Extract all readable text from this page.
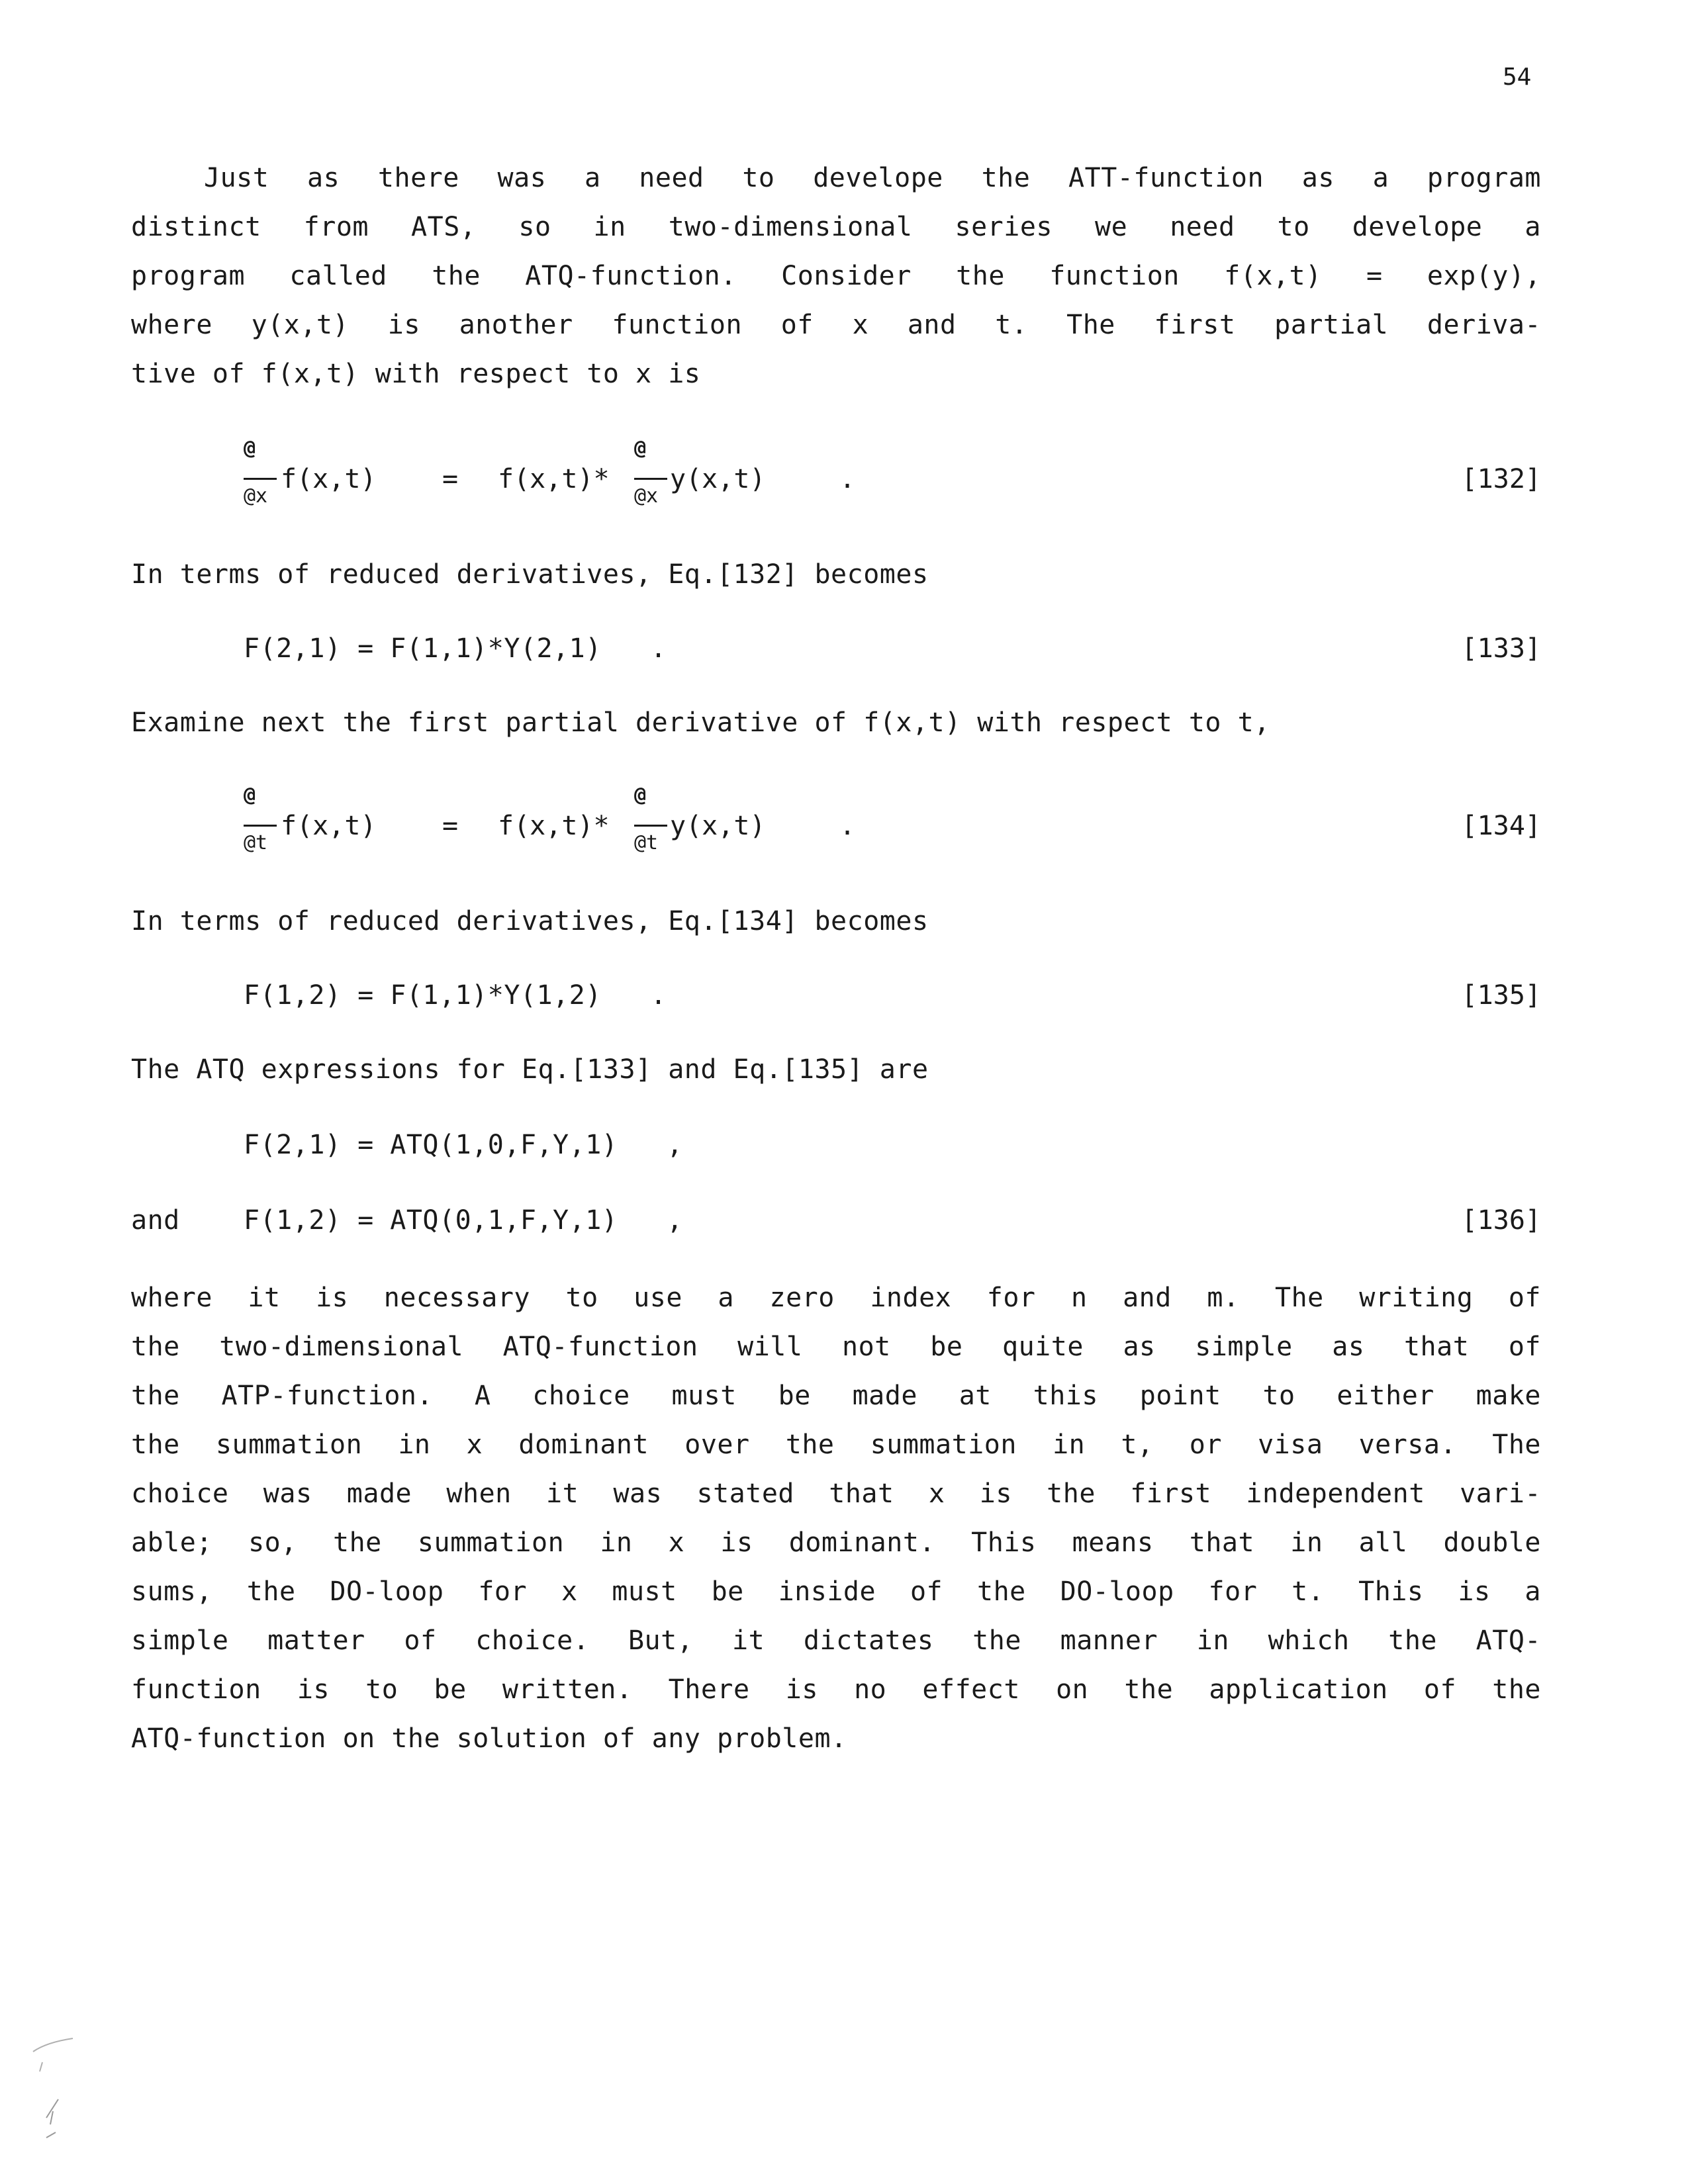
54
Just as there was a need to develope the ATT-function as a program
distinct from ATS, so in two-dimensional series we need to develope a
program called the ATQ-function. Consider the function f(x,t) = exp(y),
where y(x,t) is another function of x and t. The first partial deriva-
tive of f(x,t) with respect to x is
@
@x
f(x,t) = f(x,t)*
@
@x
y(x,t)	.	[132]
In terms of reduced derivatives, Eq.[132] becomes
F(2,1) = F(1,1)*Y(2,1)   .	[133]
Examine next the first partial derivative of f(x,t) with respect to t,
@
@t
f(x,t) = f(x,t)*
@
@t
y(x,t)	.	[134]
In terms of reduced derivatives, Eq.[134] becomes
F(1,2) = F(1,1)*Y(1,2)   .	[135]
The ATQ expressions for Eq.[133] and Eq.[135] are
F(2,1) = ATQ(1,0,F,Y,1)   ,
and F(1,2) = ATQ(0,1,F,Y,1)   ,	[136]
where it is necessary to use a zero index for n and m. The writing of
the two-dimensional ATQ-function will not be quite as simple as that of
the ATP-function. A choice must be made at this point to either make
the summation in x dominant over the summation in t, or visa versa. The
choice was made when it was stated that x is the first independent vari-
able; so, the summation in x is dominant. This means that in all double
sums, the DO-loop for x must be inside of the DO-loop for t. This is a
simple matter of choice. But, it dictates the manner in which the ATQ-
function is to be written. There is no effect on the application of the
ATQ-function on the solution of any problem.
